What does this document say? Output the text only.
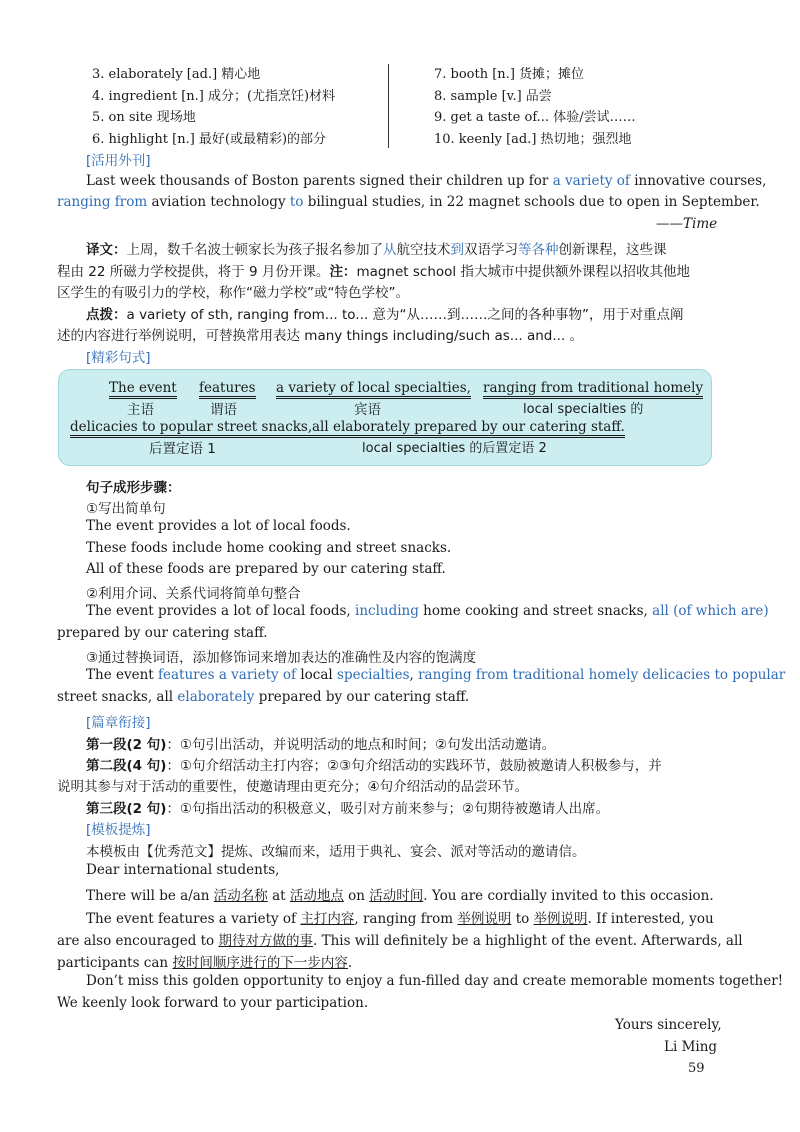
3. elaborately [ad.] 精心地
4. ingredient [n.] 成分；(尤指烹饪)材料
5. on site 现场地
6. highlight [n.] 最好(或最精彩)的部分
7. booth [n.] 货摊；摊位
8. sample [v.] 品尝
9. get a taste of... 体验/尝试……
10. keenly [ad.] 热切地；强烈地
[活用外刊]
Last week thousands of Boston parents signed their children up for a variety of innovative courses,
ranging from aviation technology to bilingual studies, in 22 magnet schools due to open in September.
——Time
译文：上周，数千名波士顿家长为孩子报名参加了从航空技术到双语学习等各种创新课程，这些课
程由 22 所磁力学校提供，将于 9 月份开课。注：magnet school 指大城市中提供额外课程以招收其他地
区学生的有吸引力的学校，称作“磁力学校”或“特色学校”。
点拨：a variety of sth, ranging from... to... 意为“从……到……之间的各种事物”，用于对重点阐
述的内容进行举例说明，可替换常用表达 many things including/such as... and... 。
[精彩句式]
The event features a variety of local specialties, ranging from traditional homely
主语	谓语	宾语	local specialties 的
delicacies to popular street snacks, all elaborately prepared by our catering staff.
后置定语 1	local specialties 的后置定语 2
句子成形步骤：
①写出简单句
The event provides a lot of local foods.
These foods include home cooking and street snacks.
All of these foods are prepared by our catering staff.
②利用介词、关系代词将简单句整合
The event provides a lot of local foods, including home cooking and street snacks, all (of which are)
prepared by our catering staff.
③通过替换词语，添加修饰词来增加表达的准确性及内容的饱满度
The event features a variety of local specialties, ranging from traditional homely delicacies to popular
street snacks, all elaborately prepared by our catering staff.
[篇章衔接]
第一段(2 句)：①句引出活动，并说明活动的地点和时间；②句发出活动邀请。
第二段(4 句)：①句介绍活动主打内容；②③句介绍活动的实践环节，鼓励被邀请人积极参与，并
说明其参与对于活动的重要性，使邀请理由更充分；④句介绍活动的品尝环节。
第三段(2 句)：①句指出活动的积极意义，吸引对方前来参与；②句期待被邀请人出席。
[模板提炼]
本模板由【优秀范文】提炼、改编而来，适用于典礼、宴会、派对等活动的邀请信。
Dear international students,
There will be a/an 活动名称 at 活动地点 on 活动时间. You are cordially invited to this occasion.
The event features a variety of 主打内容, ranging from 举例说明 to 举例说明. If interested, you
are also encouraged to 期待对方做的事. This will definitely be a highlight of the event. Afterwards, all
participants can 按时间顺序进行的下一步内容.
Don’t miss this golden opportunity to enjoy a fun-filled day and create memorable moments together!
We keenly look forward to your participation.
Yours sincerely,
Li Ming
59
